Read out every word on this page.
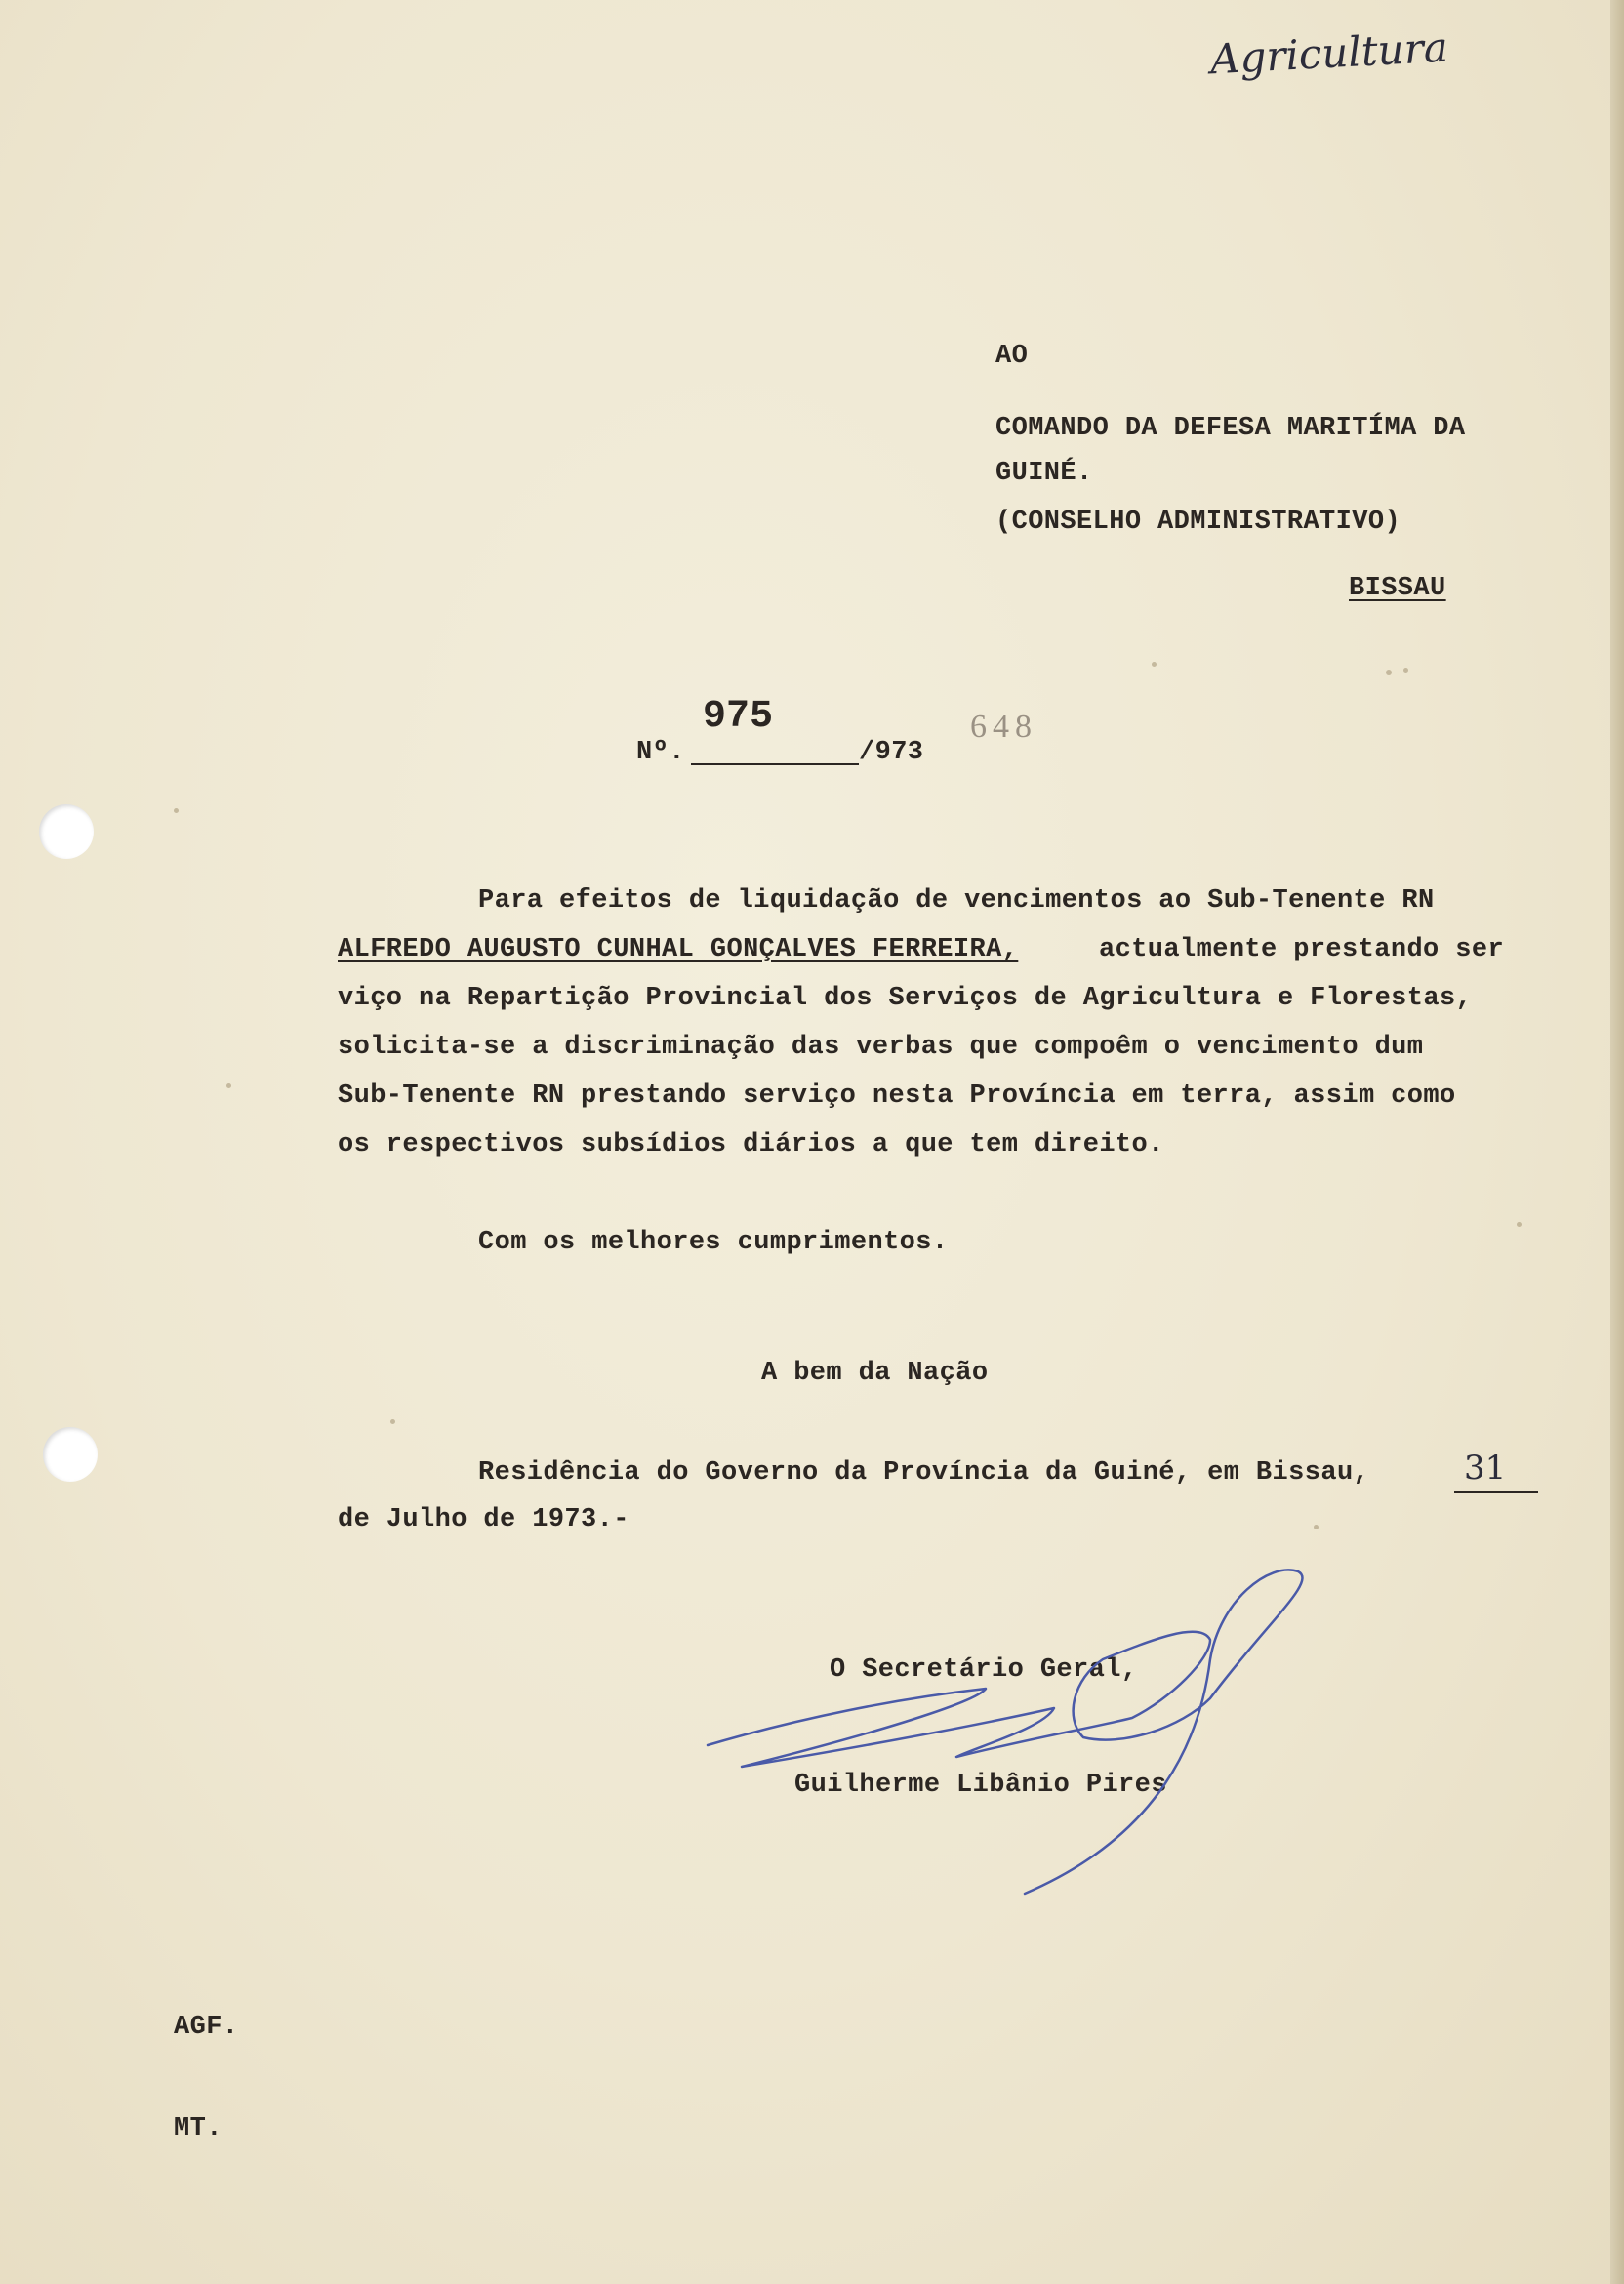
Agricultura
AO
COMANDO DA DEFESA MARITÍMA DA
GUINÉ.
(CONSELHO ADMINISTRATIVO)
BISSAU
Nº.
975
/973
648
Para efeitos de liquidação de vencimentos ao Sub-Tenente RN
ALFREDO AUGUSTO CUNHAL GONÇALVES FERREIRA,	actualmente prestando ser
viço na Repartição Provincial dos Serviços de Agricultura e Florestas,
solicita-se a discriminação das verbas que compoêm o vencimento dum
Sub-Tenente RN prestando serviço nesta Província em terra, assim como
os respectivos subsídios diários a que tem direito.
Com os melhores cumprimentos.
A bem da Nação
Residência do Governo da Província da Guiné, em Bissau,	31
de Julho de 1973.-
O Secretário Geral,
Guilherme Libânio Pires
AGF.
MT.
